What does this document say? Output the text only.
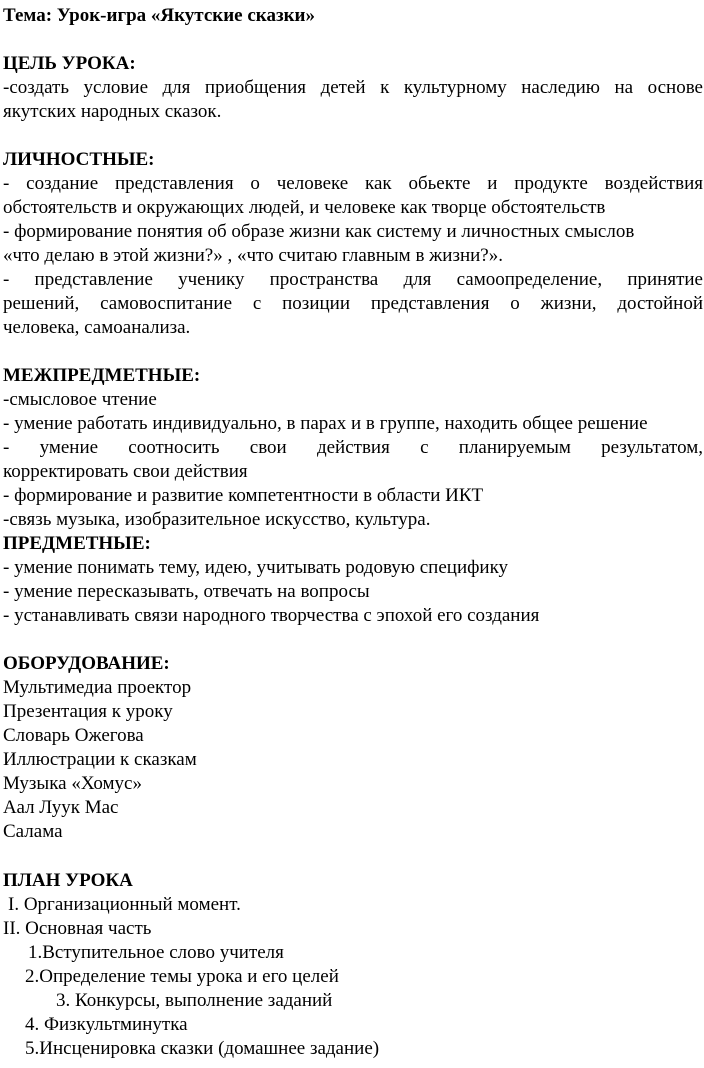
Тема: Урок-игра «Якутские сказки»
ЦЕЛЬ УРОКА:
-создать условие для приобщения детей к культурному наследию на основе
якутских народных сказок.
ЛИЧНОСТНЫЕ:
- создание представления о человеке как обьекте и продукте воздействия
обстоятельств и окружающих людей, и человеке как творце обстоятельств
- формирование понятия об образе жизни как систему и личностных смыслов
«что делаю в этой жизни?» , «что считаю главным в жизни?».
- представление ученику пространства для самоопределение, принятие
решений, самовоспитание с позиции представления о жизни, достойной
человека, самоанализа.
МЕЖПРЕДМЕТНЫЕ:
-смысловое чтение
- умение работать индивидуально, в парах и в группе, находить общее решение
- умение соотносить свои действия с планируемым результатом,
корректировать свои действия
- формирование и развитие компетентности в области ИКТ
-связь музыка, изобразительное искусство, культура.
ПРЕДМЕТНЫЕ:
- умение понимать тему, идею, учитывать родовую специфику
- умение пересказывать, отвечать на вопросы
- устанавливать связи народного творчества с эпохой его создания
ОБОРУДОВАНИЕ:
Мультимедиа проектор
Презентация к уроку
Словарь Ожегова
Иллюстрации к сказкам
Музыка «Хомус»
Аал Луук Мас
Салама
ПЛАН УРОКА
I. Организационный момент.
II. Основная часть
1.Вступительное слово учителя
2.Определение темы урока и его целей
3. Конкурсы, выполнение заданий
4. Физкультминутка
5.Инсценировка сказки (домашнее задание)
